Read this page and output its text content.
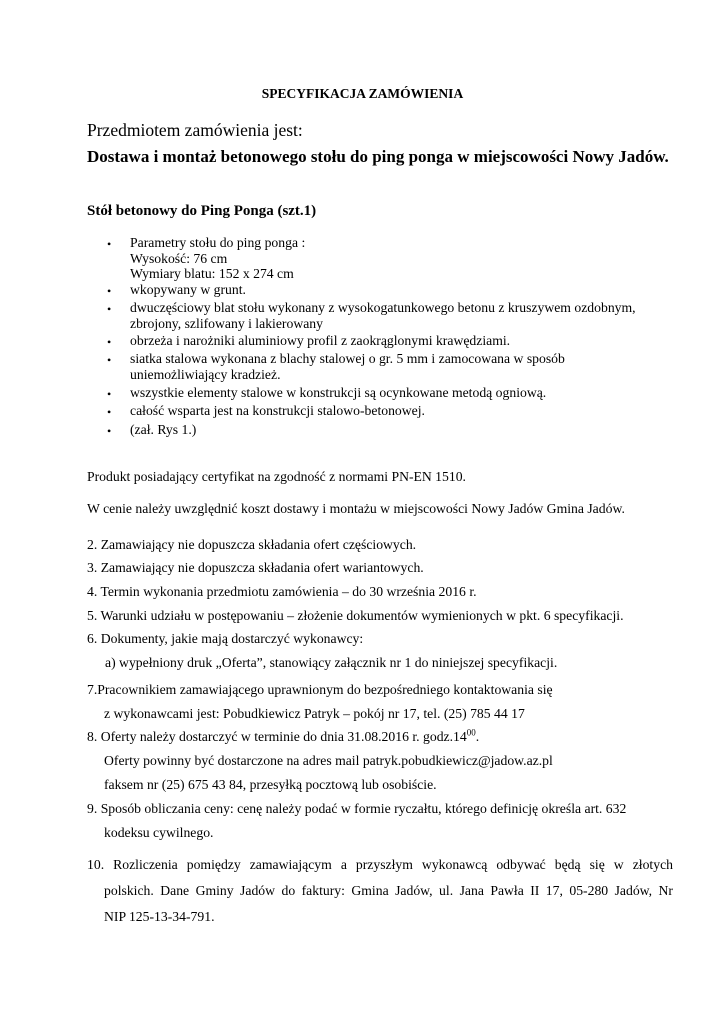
SPECYFIKACJA ZAMÓWIENIA
Przedmiotem zamówienia jest:
Dostawa i montaż betonowego stołu do ping ponga w miejscowości Nowy Jadów.
Stół betonowy do Ping Ponga (szt.1)
• Parametry stołu do ping ponga :
Wysokość: 76 cm
Wymiary blatu: 152 x 274 cm
• wkopywany w grunt.
• dwuczęściowy blat stołu wykonany z wysokogatunkowego betonu z kruszywem ozdobnym,
zbrojony, szlifowany i lakierowany
• obrzeża i narożniki aluminiowy profil z zaokrąglonymi krawędziami.
• siatka stalowa wykonana z blachy stalowej o gr. 5 mm i zamocowana w sposób
uniemożliwiający kradzież.
• wszystkie elementy stalowe w konstrukcji są ocynkowane metodą ogniową.
• całość wsparta jest na konstrukcji stalowo-betonowej.
• (zał. Rys 1.)
Produkt posiadający certyfikat na zgodność z normami PN-EN 1510.
W cenie należy uwzględnić koszt dostawy i montażu w miejscowości Nowy Jadów Gmina Jadów.
2. Zamawiający nie dopuszcza składania ofert częściowych.
3. Zamawiający nie dopuszcza składania ofert wariantowych.
4. Termin wykonania przedmiotu zamówienia – do 30 września 2016 r.
5. Warunki udziału w postępowaniu – złożenie dokumentów wymienionych w pkt. 6 specyfikacji.
6. Dokumenty, jakie mają dostarczyć wykonawcy:
a) wypełniony druk „Oferta”, stanowiący załącznik nr 1 do niniejszej specyfikacji.
7.Pracownikiem zamawiającego uprawnionym do bezpośredniego kontaktowania się
z wykonawcami jest: Pobudkiewicz Patryk – pokój nr 17, tel. (25) 785 44 17
8. Oferty należy dostarczyć w terminie do dnia 31.08.2016 r. $godz.14^{00}$.
Oferty powinny być dostarczone na adres mail patryk.pobudkiewicz@jadow.az.pl
faksem nr (25) 675 43 84, przesyłką pocztową lub osobiście.
9. Sposób obliczania ceny: cenę należy podać w formie ryczałtu, którego definicję określa art. 632
kodeksu cywilnego.
10. Rozliczenia pomiędzy zamawiającym a przyszłym wykonawcą odbywać będą się w złotych
polskich. Dane Gminy Jadów do faktury: Gmina Jadów, ul. Jana Pawła II 17, 05-280 Jadów, Nr
NIP 125-13-34-791.
